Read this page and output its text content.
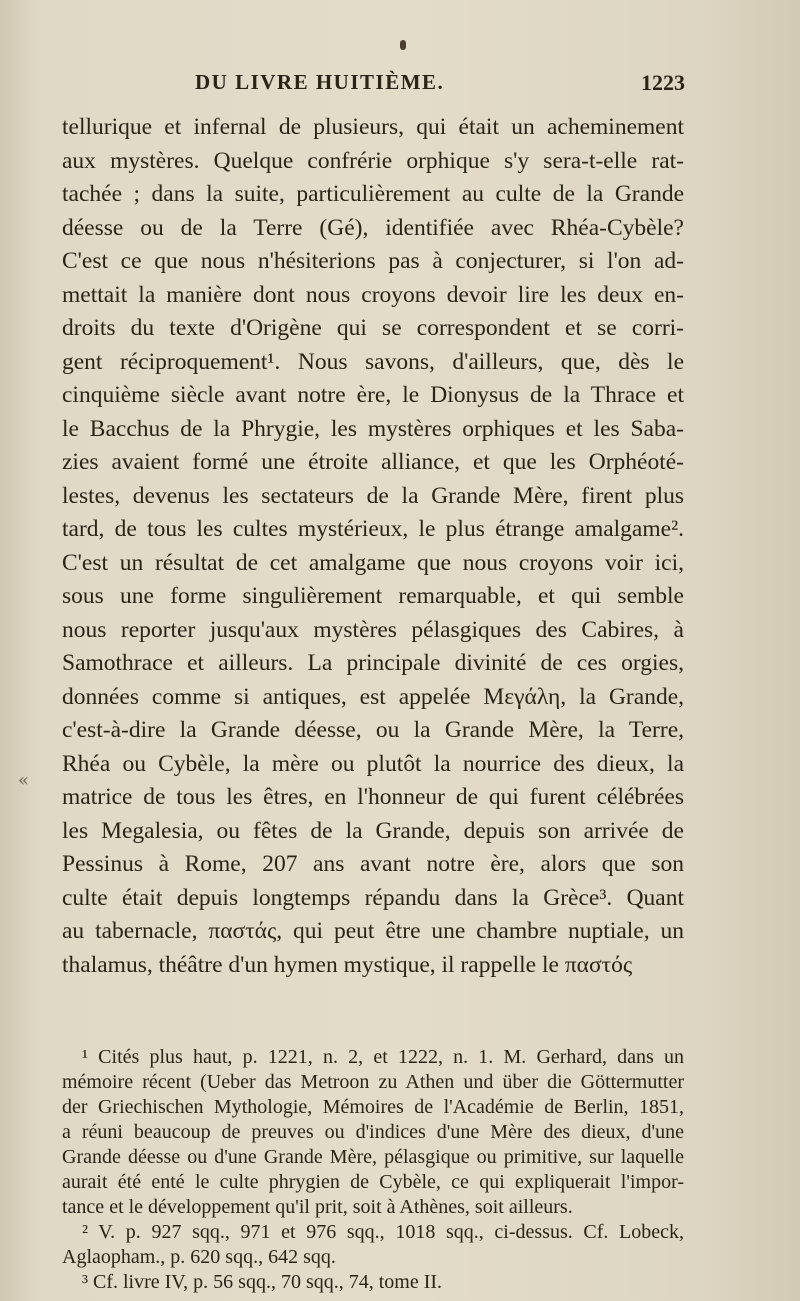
DU LIVRE HUITIÈME.	1223
«
tellurique et infernal de plusieurs, qui était un acheminement
aux mystères. Quelque confrérie orphique s'y sera-t-elle rat-
tachée ; dans la suite, particulièrement au culte de la Grande
déesse ou de la Terre (Gé), identifiée avec Rhéa-Cybèle?
C'est ce que nous n'hésiterions pas à conjecturer, si l'on ad-
mettait la manière dont nous croyons devoir lire les deux en-
droits du texte d'Origène qui se correspondent et se corri-
gent réciproquement¹. Nous savons, d'ailleurs, que, dès le
cinquième siècle avant notre ère, le Dionysus de la Thrace et
le Bacchus de la Phrygie, les mystères orphiques et les Saba-
zies avaient formé une étroite alliance, et que les Orphéoté-
lestes, devenus les sectateurs de la Grande Mère, firent plus
tard, de tous les cultes mystérieux, le plus étrange amalgame².
C'est un résultat de cet amalgame que nous croyons voir ici,
sous une forme singulièrement remarquable, et qui semble
nous reporter jusqu'aux mystères pélasgiques des Cabires, à
Samothrace et ailleurs. La principale divinité de ces orgies,
données comme si antiques, est appelée Μεγάλη, la Grande,
c'est-à-dire la Grande déesse, ou la Grande Mère, la Terre,
Rhéa ou Cybèle, la mère ou plutôt la nourrice des dieux, la
matrice de tous les êtres, en l'honneur de qui furent célébrées
les Megalesia, ou fêtes de la Grande, depuis son arrivée de
Pessinus à Rome, 207 ans avant notre ère, alors que son
culte était depuis longtemps répandu dans la Grèce³. Quant
au tabernacle, παστάς, qui peut être une chambre nuptiale, un
thalamus, théâtre d'un hymen mystique, il rappelle le παστός
¹ Cités plus haut, p. 1221, n. 2, et 1222, n. 1. M. Gerhard, dans un
mémoire récent (Ueber das Metroon zu Athen und über die Göttermutter
der Griechischen Mythologie, Mémoires de l'Académie de Berlin, 1851,
a réuni beaucoup de preuves ou d'indices d'une Mère des dieux, d'une
Grande déesse ou d'une Grande Mère, pélasgique ou primitive, sur laquelle
aurait été enté le culte phrygien de Cybèle, ce qui expliquerait l'impor-
tance et le développement qu'il prit, soit à Athènes, soit ailleurs.
² V. p. 927 sqq., 971 et 976 sqq., 1018 sqq., ci-dessus. Cf. Lobeck,
Aglaopham., p. 620 sqq., 642 sqq.
³ Cf. livre IV, p. 56 sqq., 70 sqq., 74, tome II.
